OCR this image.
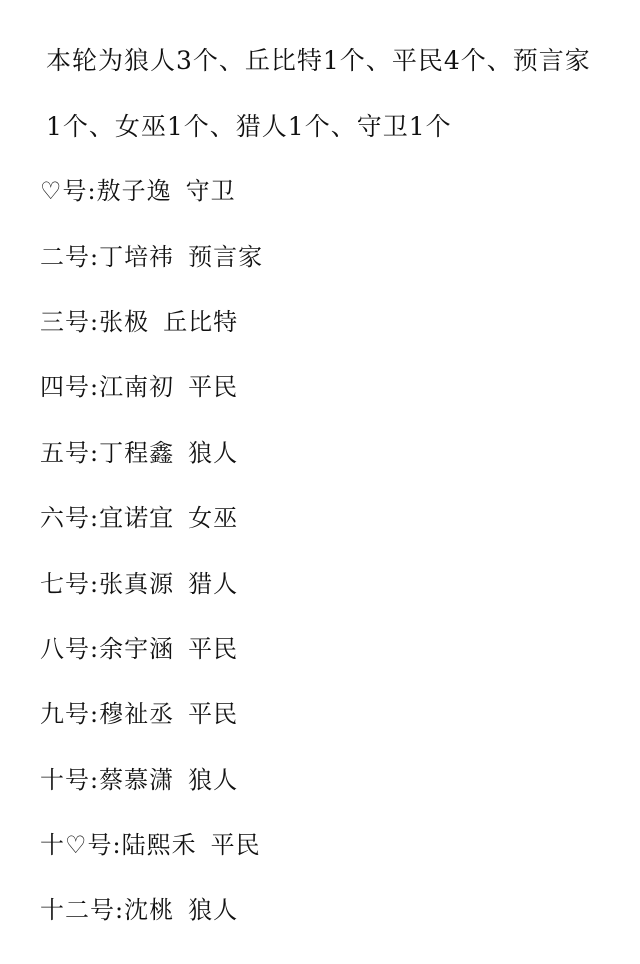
本轮为狼人3个、丘比特1个、平民4个、预言家1个、女巫1个、猎人1个、守卫1个
♡号: 敖子逸 守卫
二号: 丁培祎 预言家
三号: 张极 丘比特
四号: 江南初 平民
五号: 丁程鑫 狼人
六号: 宜诺宜 女巫
七号: 张真源 猎人
八号: 余宇涵 平民
九号: 穆祉丞 平民
十号: 蔡慕潇 狼人
十♡号: 陆熙禾 平民
十二号: 沈桃 狼人
